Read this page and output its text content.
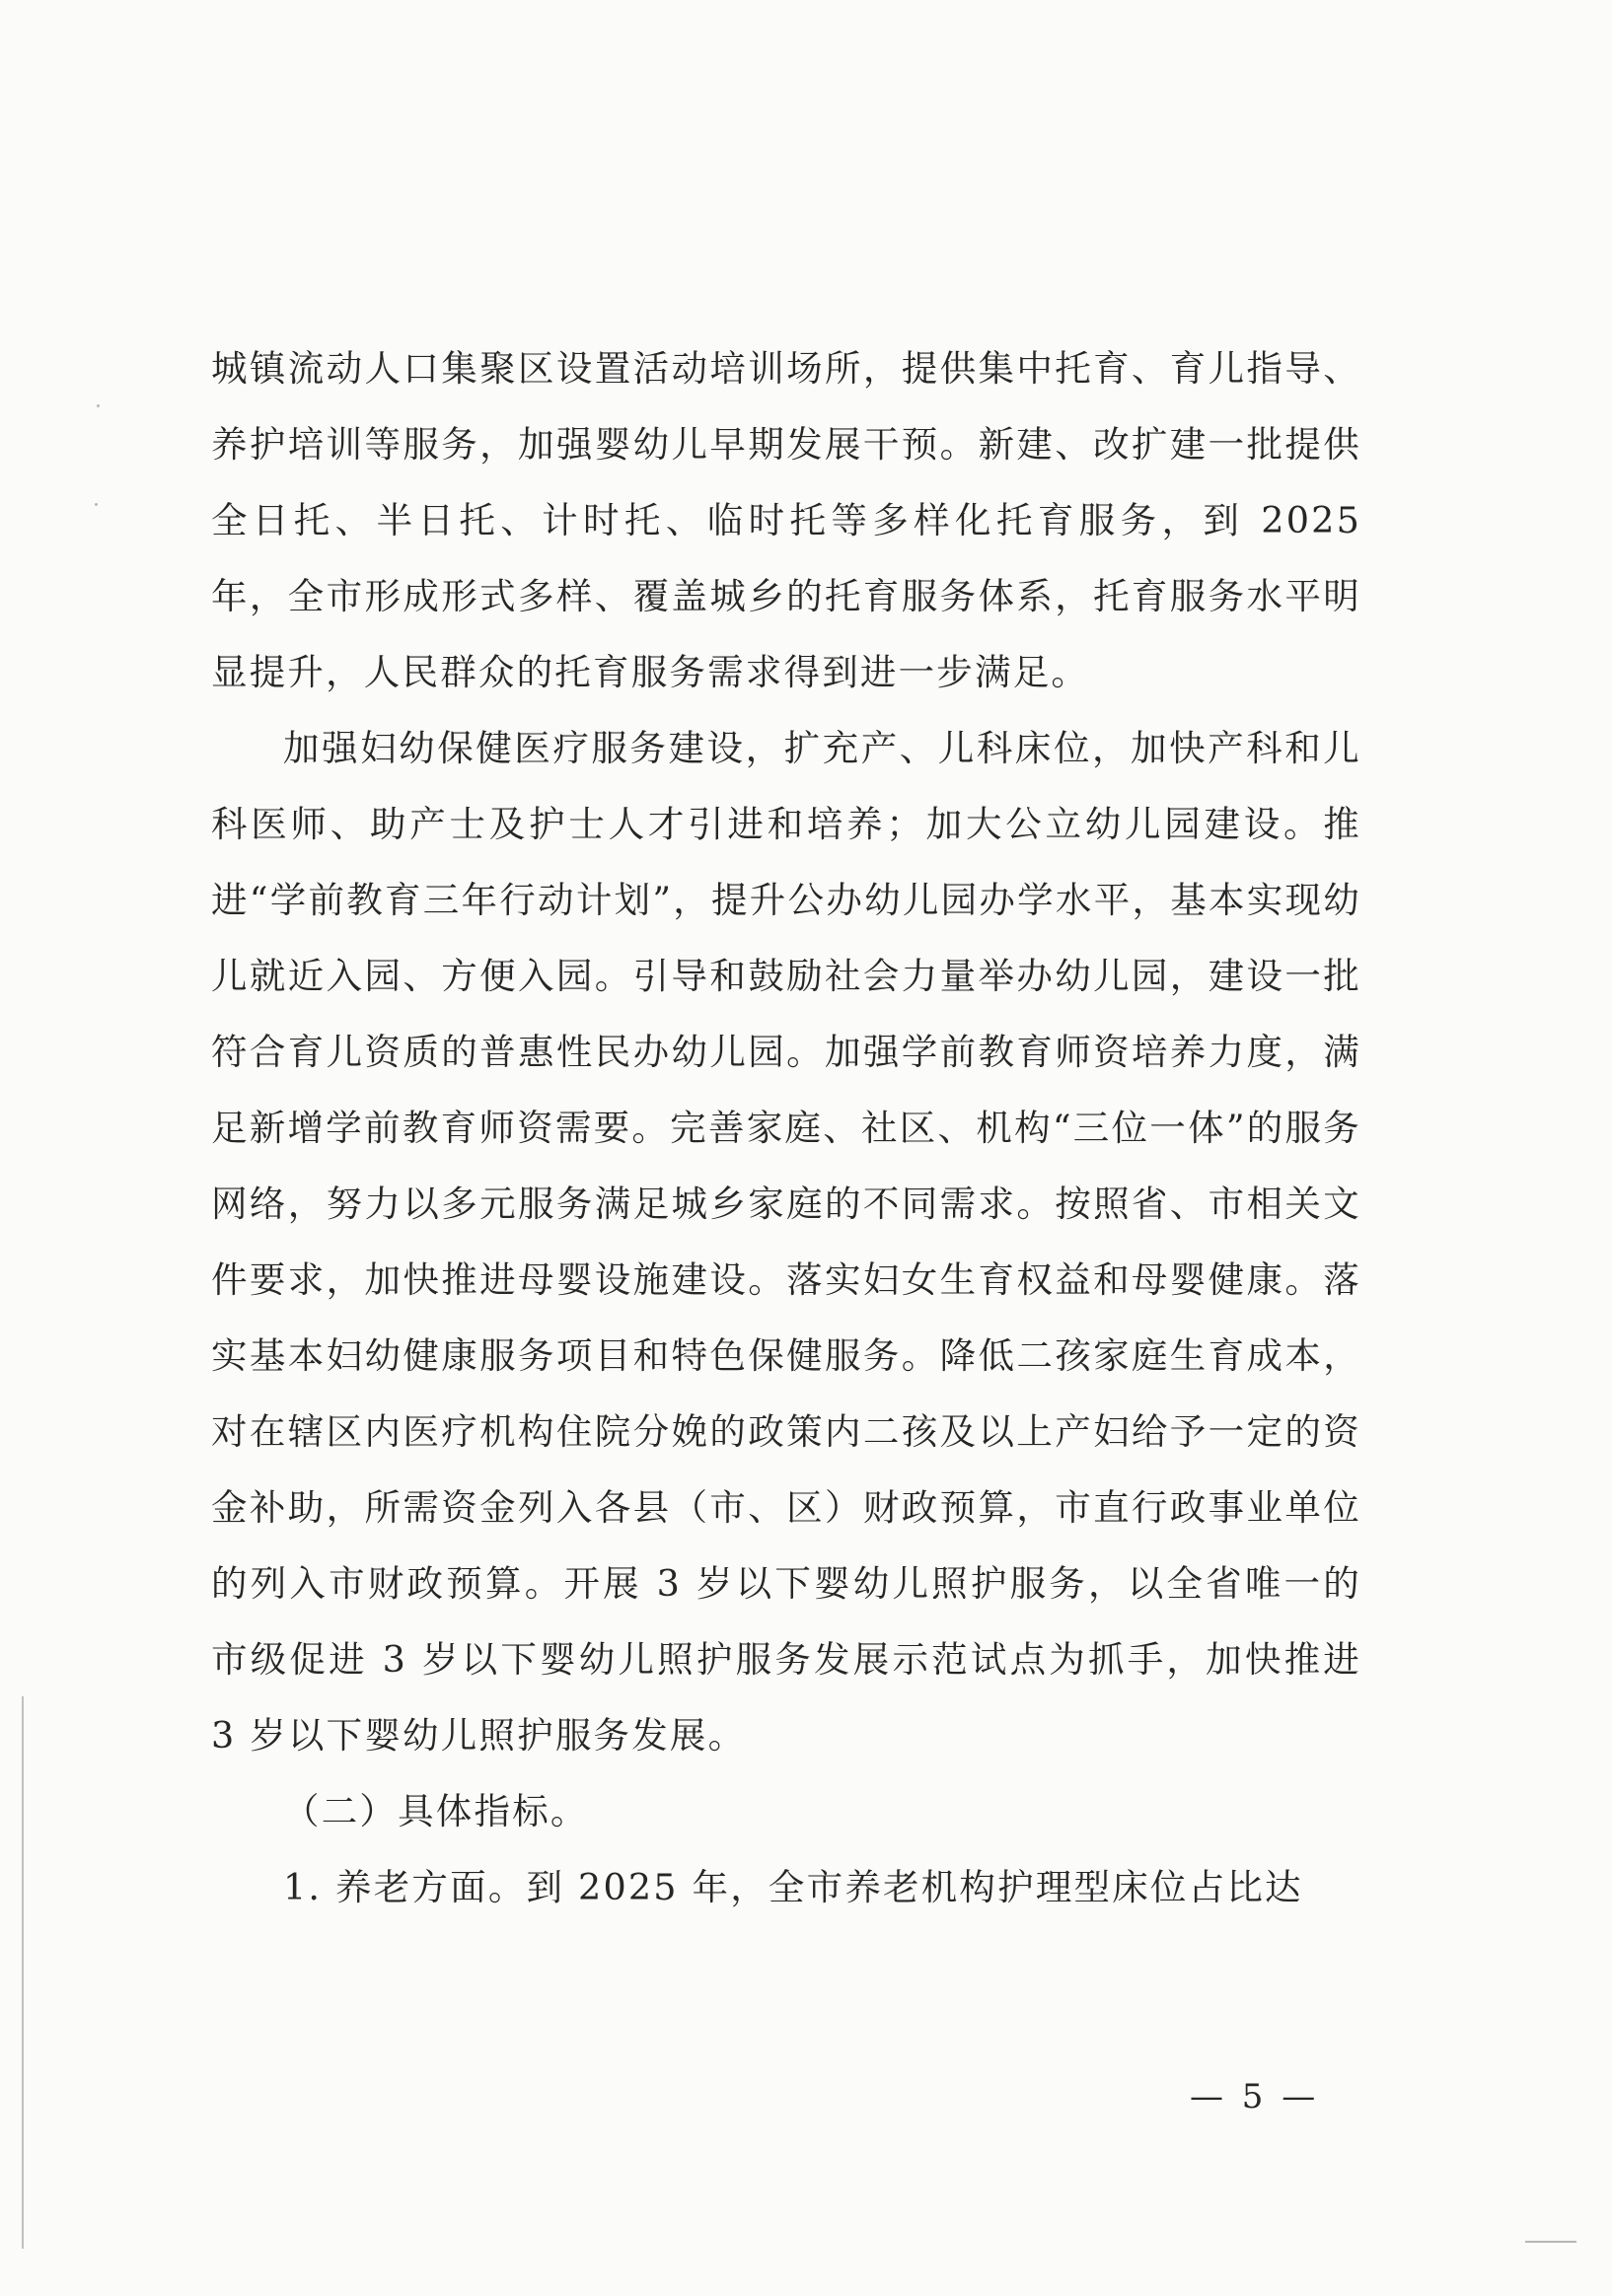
城镇流动人口集聚区设置活动培训场所，提供集中托育、育儿指导、养护培训等服务，加强婴幼儿早期发展干预。新建、改扩建一批提供全日托、半日托、计时托、临时托等多样化托育服务，到 2025 年，全市形成形式多样、覆盖城乡的托育服务体系，托育服务水平明显提升，人民群众的托育服务需求得到进一步满足。

加强妇幼保健医疗服务建设，扩充产、儿科床位，加快产科和儿科医师、助产士及护士人才引进和培养；加大公立幼儿园建设。推进“学前教育三年行动计划”，提升公办幼儿园办学水平，基本实现幼儿就近入园、方便入园。引导和鼓励社会力量举办幼儿园，建设一批符合育儿资质的普惠性民办幼儿园。加强学前教育师资培养力度，满足新增学前教育师资需要。完善家庭、社区、机构“三位一体”的服务网络，努力以多元服务满足城乡家庭的不同需求。按照省、市相关文件要求，加快推进母婴设施建设。落实妇女生育权益和母婴健康。落实基本妇幼健康服务项目和特色保健服务。降低二孩家庭生育成本，对在辖区内医疗机构住院分娩的政策内二孩及以上产妇给予一定的资金补助，所需资金列入各县（市、区）财政预算，市直行政事业单位的列入市财政预算。开展 3 岁以下婴幼儿照护服务，以全省唯一的市级促进 3 岁以下婴幼儿照护服务发展示范试点为抓手，加快推进 3 岁以下婴幼儿照护服务发展。

（二）具体指标。

1. 养老方面。到 2025 年，全市养老机构护理型床位占比达

— 5 —
